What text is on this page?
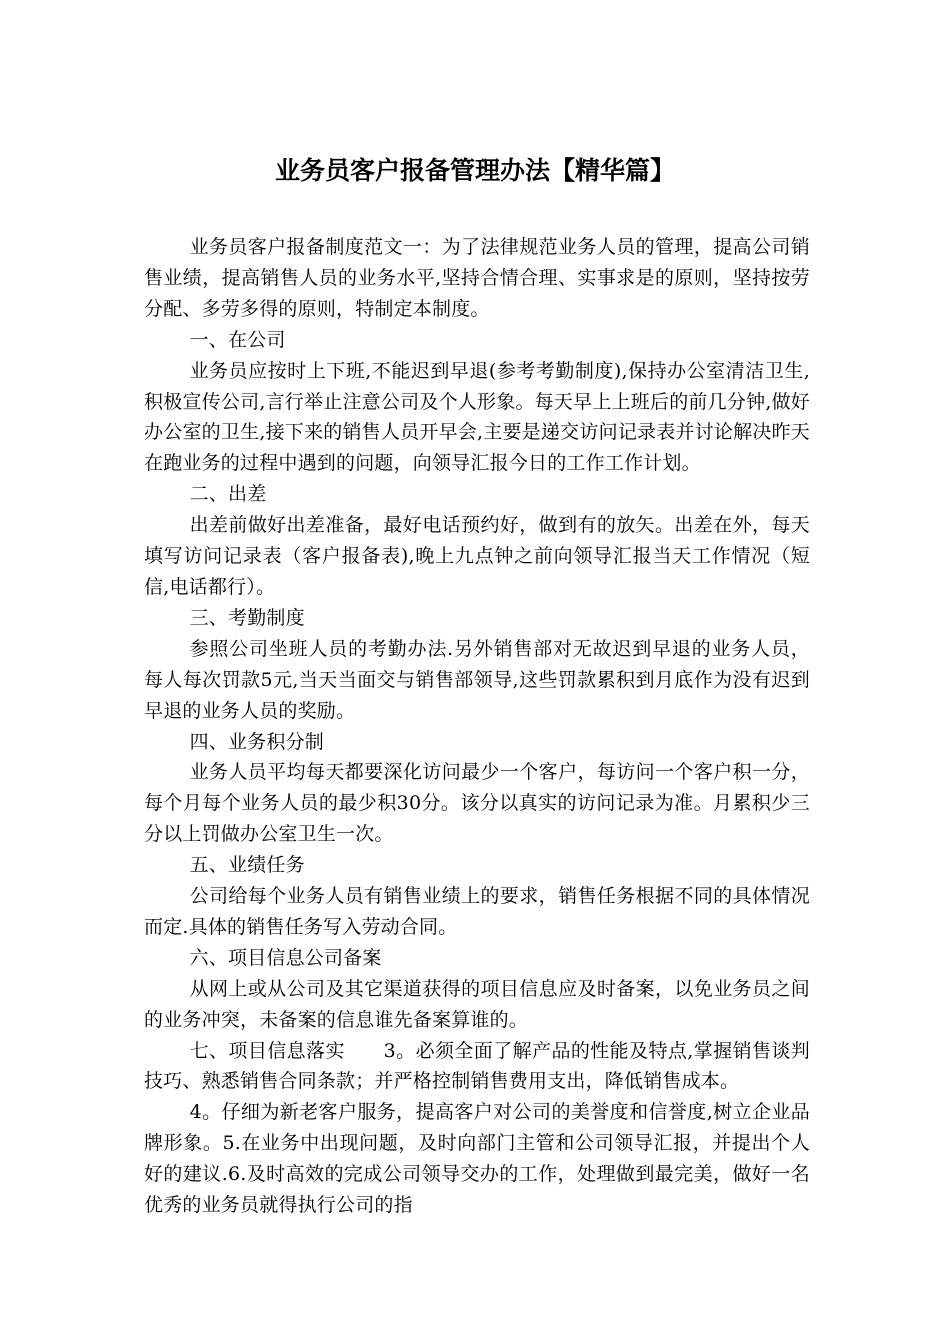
业务员客户报备管理办法【精华篇】

业务员客户报备制度范文一：为了法律规范业务人员的管理，提高公司销售业绩，提高销售人员的业务水平,坚持合情合理、实事求是的原则，坚持按劳分配、多劳多得的原则，特制定本制度。

一、在公司

业务员应按时上下班,不能迟到早退(参考考勤制度),保持办公室清洁卫生,积极宣传公司,言行举止注意公司及个人形象。每天早上上班后的前几分钟,做好办公室的卫生,接下来的销售人员开早会,主要是递交访问记录表并讨论解决昨天在跑业务的过程中遇到的问题，向领导汇报今日的工作工作计划。

二、出差

出差前做好出差准备，最好电话预约好，做到有的放矢。出差在外，每天填写访问记录表（客户报备表),晚上九点钟之前向领导汇报当天工作情况（短信,电话都行）。

三、考勤制度

参照公司坐班人员的考勤办法.另外销售部对无故迟到早退的业务人员，每人每次罚款5元,当天当面交与销售部领导,这些罚款累积到月底作为没有迟到早退的业务人员的奖励。

四、业务积分制

业务人员平均每天都要深化访问最少一个客户，每访问一个客户积一分，每个月每个业务人员的最少积30分。该分以真实的访问记录为准。月累积少三分以上罚做办公室卫生一次。

五、业绩任务

公司给每个业务人员有销售业绩上的要求，销售任务根据不同的具体情况而定.具体的销售任务写入劳动合同。

六、项目信息公司备案

从网上或从公司及其它渠道获得的项目信息应及时备案，以免业务员之间的业务冲突，未备案的信息谁先备案算谁的。

七、项目信息落实　　3。必须全面了解产品的性能及特点,掌握销售谈判技巧、熟悉销售合同条款；并严格控制销售费用支出，降低销售成本。

4。仔细为新老客户服务，提高客户对公司的美誉度和信誉度,树立企业品牌形象。5.在业务中出现问题，及时向部门主管和公司领导汇报，并提出个人好的建议.6.及时高效的完成公司领导交办的工作，处理做到最完美，做好一名优秀的业务员就得执行公司的指
